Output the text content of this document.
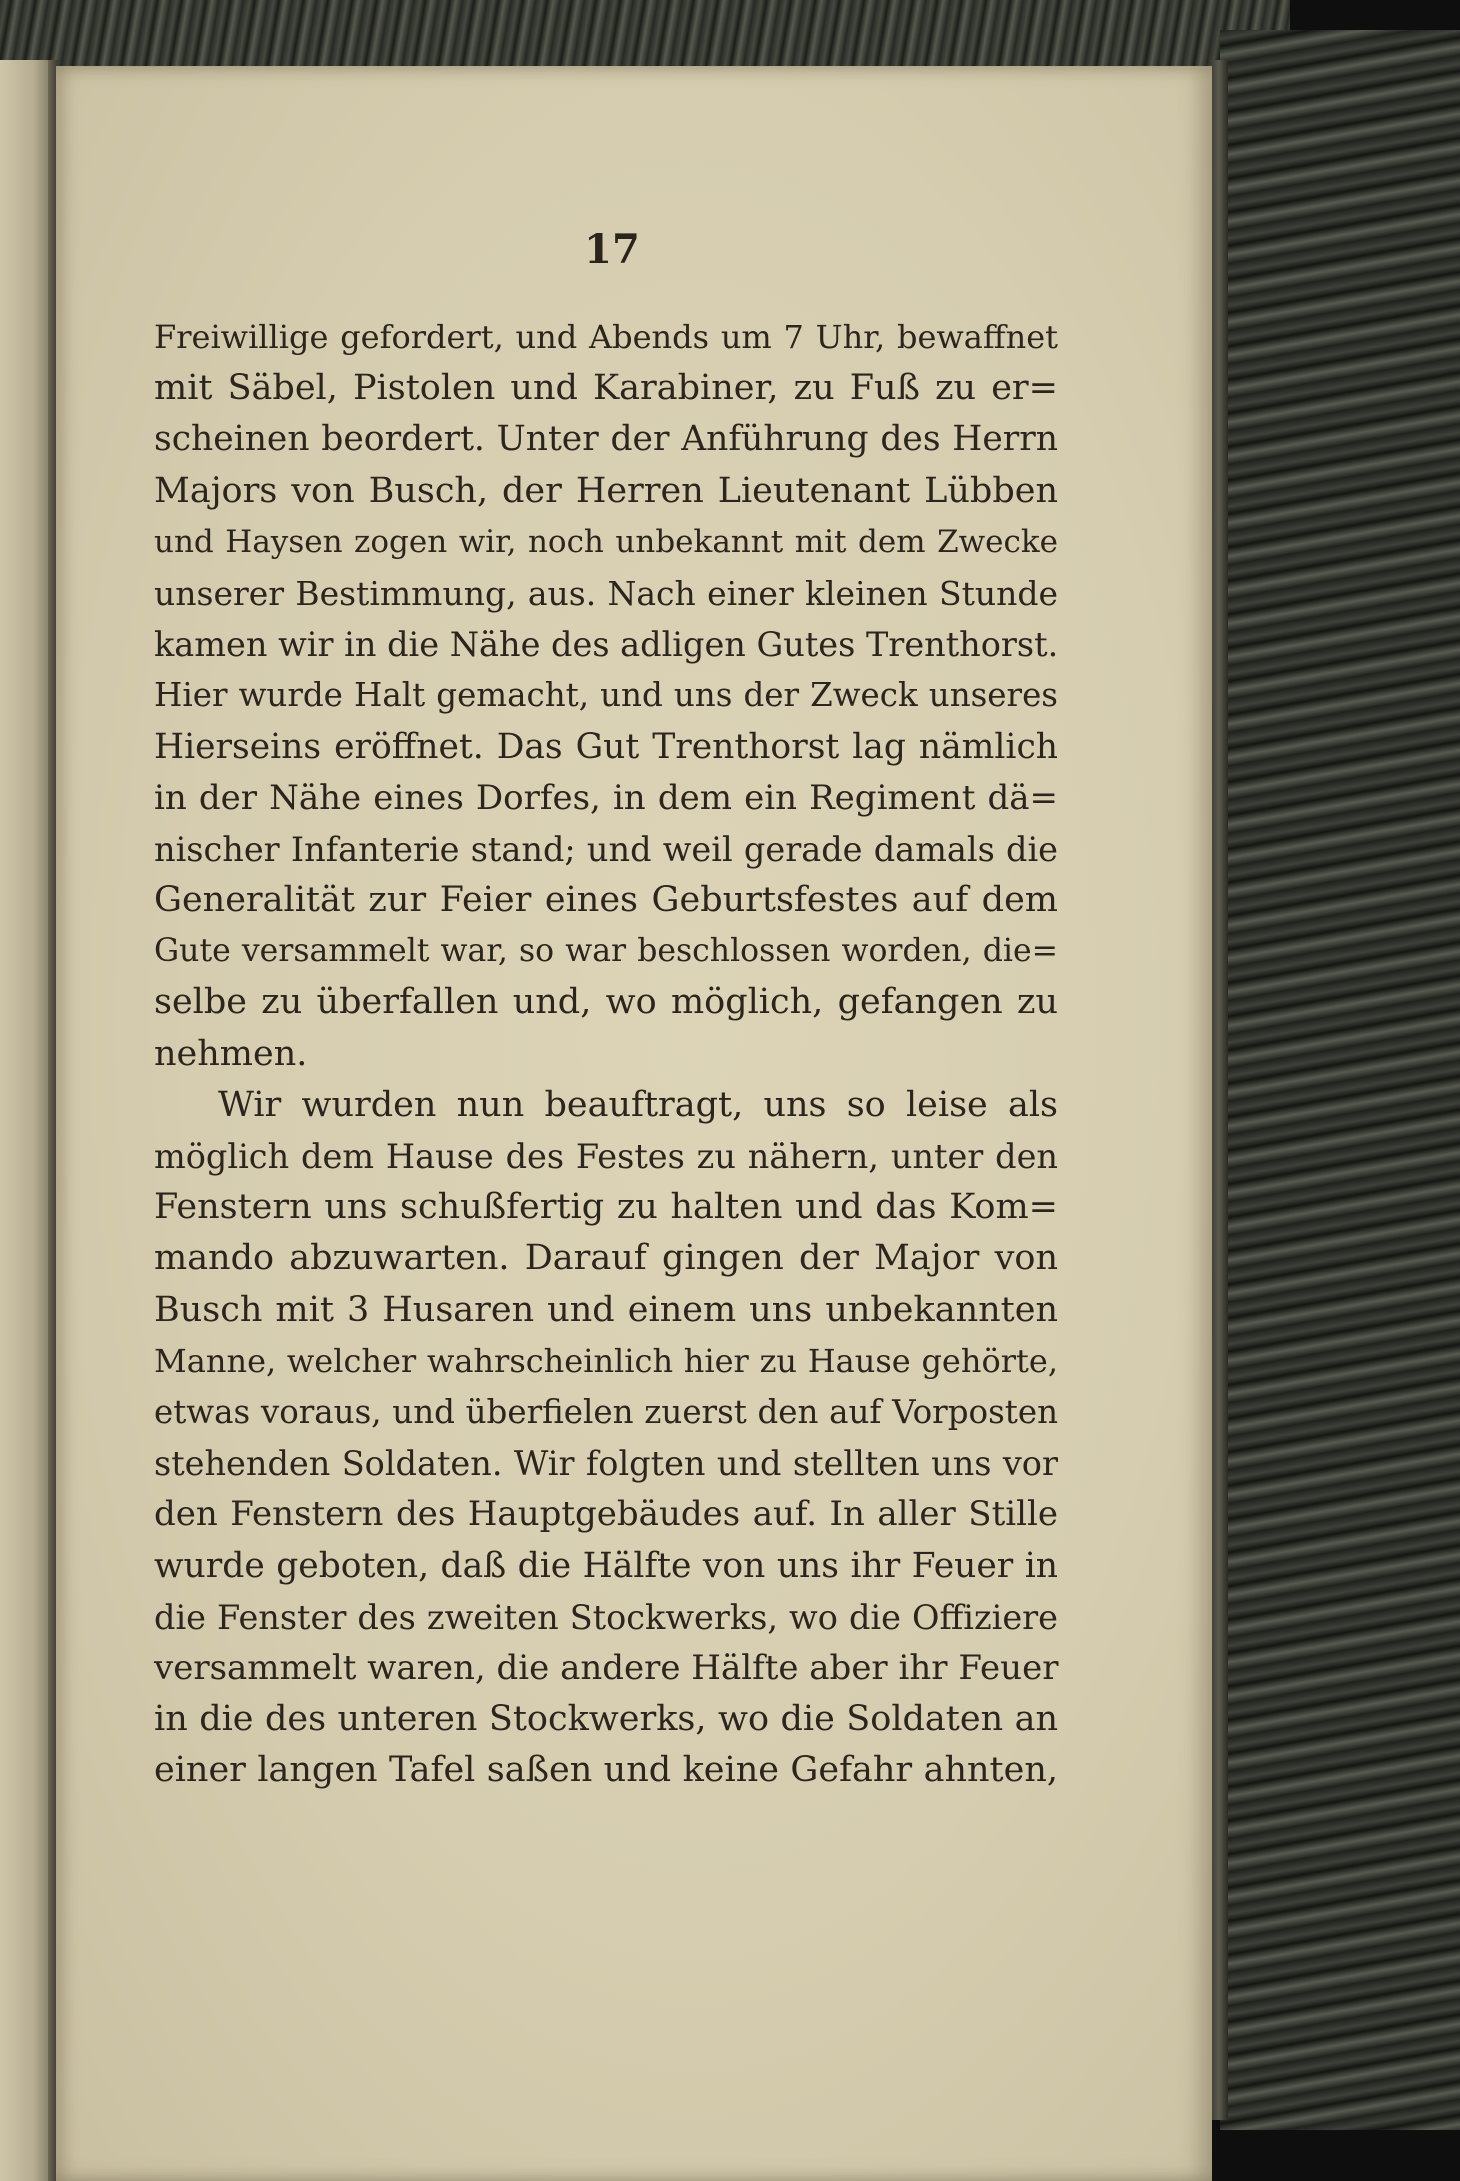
17

Freiwillige gefordert, und Abends um 7 Uhr, bewaffnet
mit Säbel, Pistolen und Karabiner, zu Fuß zu er=
scheinen beordert. Unter der Anführung des Herrn
Majors von Busch, der Herren Lieutenant Lübben
und Haysen zogen wir, noch unbekannt mit dem Zwecke
unserer Bestimmung, aus. Nach einer kleinen Stunde
kamen wir in die Nähe des adligen Gutes Trenthorst.
Hier wurde Halt gemacht, und uns der Zweck unseres
Hierseins eröffnet. Das Gut Trenthorst lag nämlich
in der Nähe eines Dorfes, in dem ein Regiment dä=
nischer Infanterie stand; und weil gerade damals die
Generalität zur Feier eines Geburtsfestes auf dem
Gute versammelt war, so war beschlossen worden, die=
selbe zu überfallen und, wo möglich, gefangen zu
nehmen.
Wir wurden nun beauftragt, uns so leise als
möglich dem Hause des Festes zu nähern, unter den
Fenstern uns schußfertig zu halten und das Kom=
mando abzuwarten. Darauf gingen der Major von
Busch mit 3 Husaren und einem uns unbekannten
Manne, welcher wahrscheinlich hier zu Hause gehörte,
etwas voraus, und überfielen zuerst den auf Vorposten
stehenden Soldaten. Wir folgten und stellten uns vor
den Fenstern des Hauptgebäudes auf. In aller Stille
wurde geboten, daß die Hälfte von uns ihr Feuer in
die Fenster des zweiten Stockwerks, wo die Offiziere
versammelt waren, die andere Hälfte aber ihr Feuer
in die des unteren Stockwerks, wo die Soldaten an
einer langen Tafel saßen und keine Gefahr ahnten,
